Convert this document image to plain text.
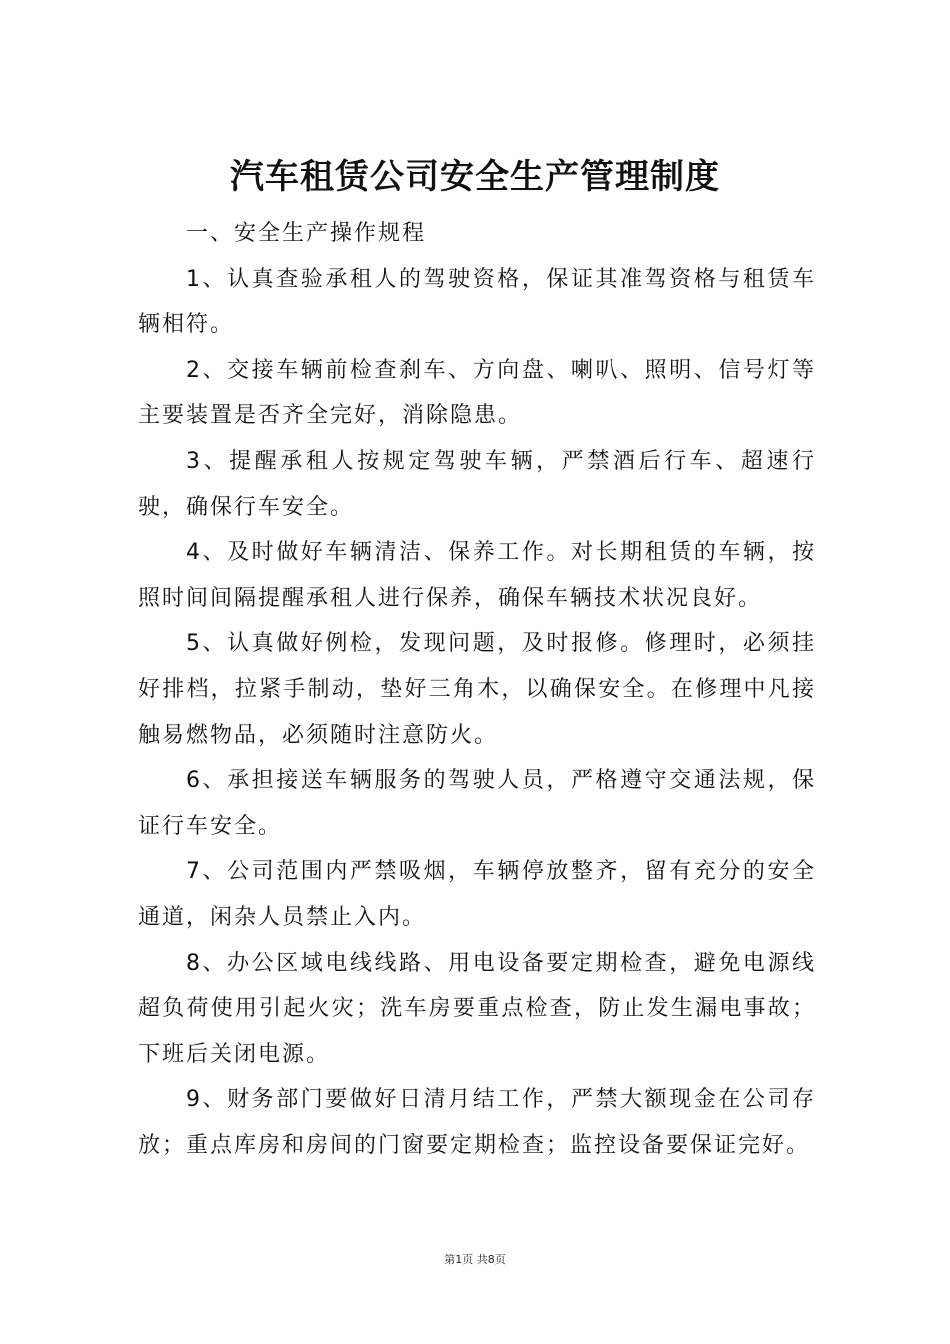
汽车租赁公司安全生产管理制度

一、安全生产操作规程

1、认真查验承租人的驾驶资格，保证其准驾资格与租赁车辆相符。

2、交接车辆前检查刹车、方向盘、喇叭、照明、信号灯等主要装置是否齐全完好，消除隐患。

3、提醒承租人按规定驾驶车辆，严禁酒后行车、超速行驶，确保行车安全。

4、及时做好车辆清洁、保养工作。对长期租赁的车辆，按照时间间隔提醒承租人进行保养，确保车辆技术状况良好。

5、认真做好例检，发现问题，及时报修。修理时，必须挂好排档，拉紧手制动，垫好三角木，以确保安全。在修理中凡接触易燃物品，必须随时注意防火。

6、承担接送车辆服务的驾驶人员，严格遵守交通法规，保证行车安全。

7、公司范围内严禁吸烟，车辆停放整齐，留有充分的安全通道，闲杂人员禁止入内。

8、办公区域电线线路、用电设备要定期检查，避免电源线超负荷使用引起火灾；洗车房要重点检查，防止发生漏电事故；下班后关闭电源。

9、财务部门要做好日清月结工作，严禁大额现金在公司存放；重点库房和房间的门窗要定期检查；监控设备要保证完好。

第1页 共8页
